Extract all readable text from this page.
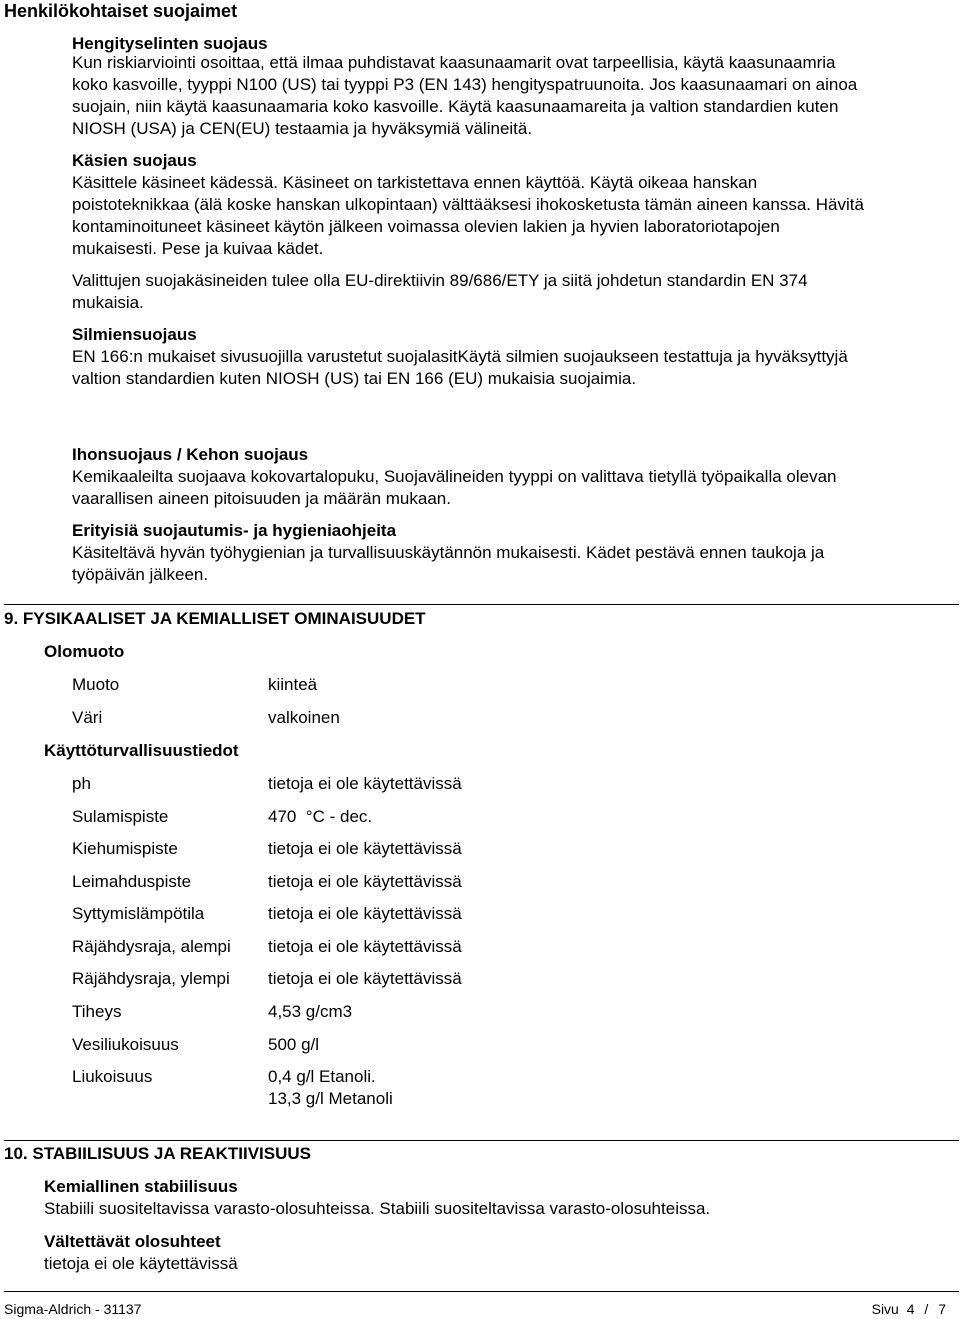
Henkilökohtaiset suojaimet
Hengityselinten suojaus
Kun riskiarviointi osoittaa, että ilmaa puhdistavat kaasunaamarit ovat tarpeellisia, käytä kaasunaamria
koko kasvoille, tyyppi N100 (US) tai tyyppi P3 (EN 143) hengityspatruunoita. Jos kaasunaamari on ainoa
suojain, niin käytä kaasunaamaria koko kasvoille. Käytä kaasunaamareita ja valtion standardien kuten
NIOSH (USA) ja CEN(EU) testaamia ja hyväksymiä välineitä.
Käsien suojaus
Käsittele käsineet kädessä. Käsineet on tarkistettava ennen käyttöä. Käytä oikeaa hanskan
poistoteknikkaa (älä koske hanskan ulkopintaan) välttääksesi ihokosketusta tämän aineen kanssa. Hävitä
kontaminoituneet käsineet käytön jälkeen voimassa olevien lakien ja hyvien laboratoriotapojen
mukaisesti. Pese ja kuivaa kädet.
Valittujen suojakäsineiden tulee olla EU-direktiivin 89/686/ETY ja siitä johdetun standardin EN 374
mukaisia.
Silmiensuojaus
EN 166:n mukaiset sivusuojilla varustetut suojalasitKäytä silmien suojaukseen testattuja ja hyväksyttyjä
valtion standardien kuten NIOSH (US) tai EN 166 (EU) mukaisia suojaimia.
Ihonsuojaus / Kehon suojaus
Kemikaaleilta suojaava kokovartalopuku, Suojavälineiden tyyppi on valittava tietyllä työpaikalla olevan
vaarallisen aineen pitoisuuden ja määrän mukaan.
Erityisiä suojautumis- ja hygieniaohjeita
Käsiteltävä hyvän työhygienian ja turvallisuuskäytännön mukaisesti. Kädet pestävä ennen taukoja ja
työpäivän jälkeen.
9. FYSIKAALISET JA KEMIALLISET OMINAISUUDET
Olomuoto
Muoto	kiinteä
Väri	valkoinen
Käyttöturvallisuustiedot
ph	tietoja ei ole käytettävissä
Sulamispiste	470  °C - dec.
Kiehumispiste	tietoja ei ole käytettävissä
Leimahduspiste	tietoja ei ole käytettävissä
Syttymislämpötila	tietoja ei ole käytettävissä
Räjähdysraja, alempi tietoja ei ole käytettävissä
Räjähdysraja, ylempi tietoja ei ole käytettävissä
Tiheys	4,53 g/cm3
Vesiliukoisuus	500 g/l
Liukoisuus	0,4 g/l Etanoli.
13,3 g/l Metanoli
10. STABIILISUUS JA REAKTIIVISUUS
Kemiallinen stabiilisuus
Stabiili suositeltavissa varasto-olosuhteissa. Stabiili suositeltavissa varasto-olosuhteissa.
Vältettävät olosuhteet
tietoja ei ole käytettävissä
Sigma-Aldrich - 31137	Sivu 4 / 7
